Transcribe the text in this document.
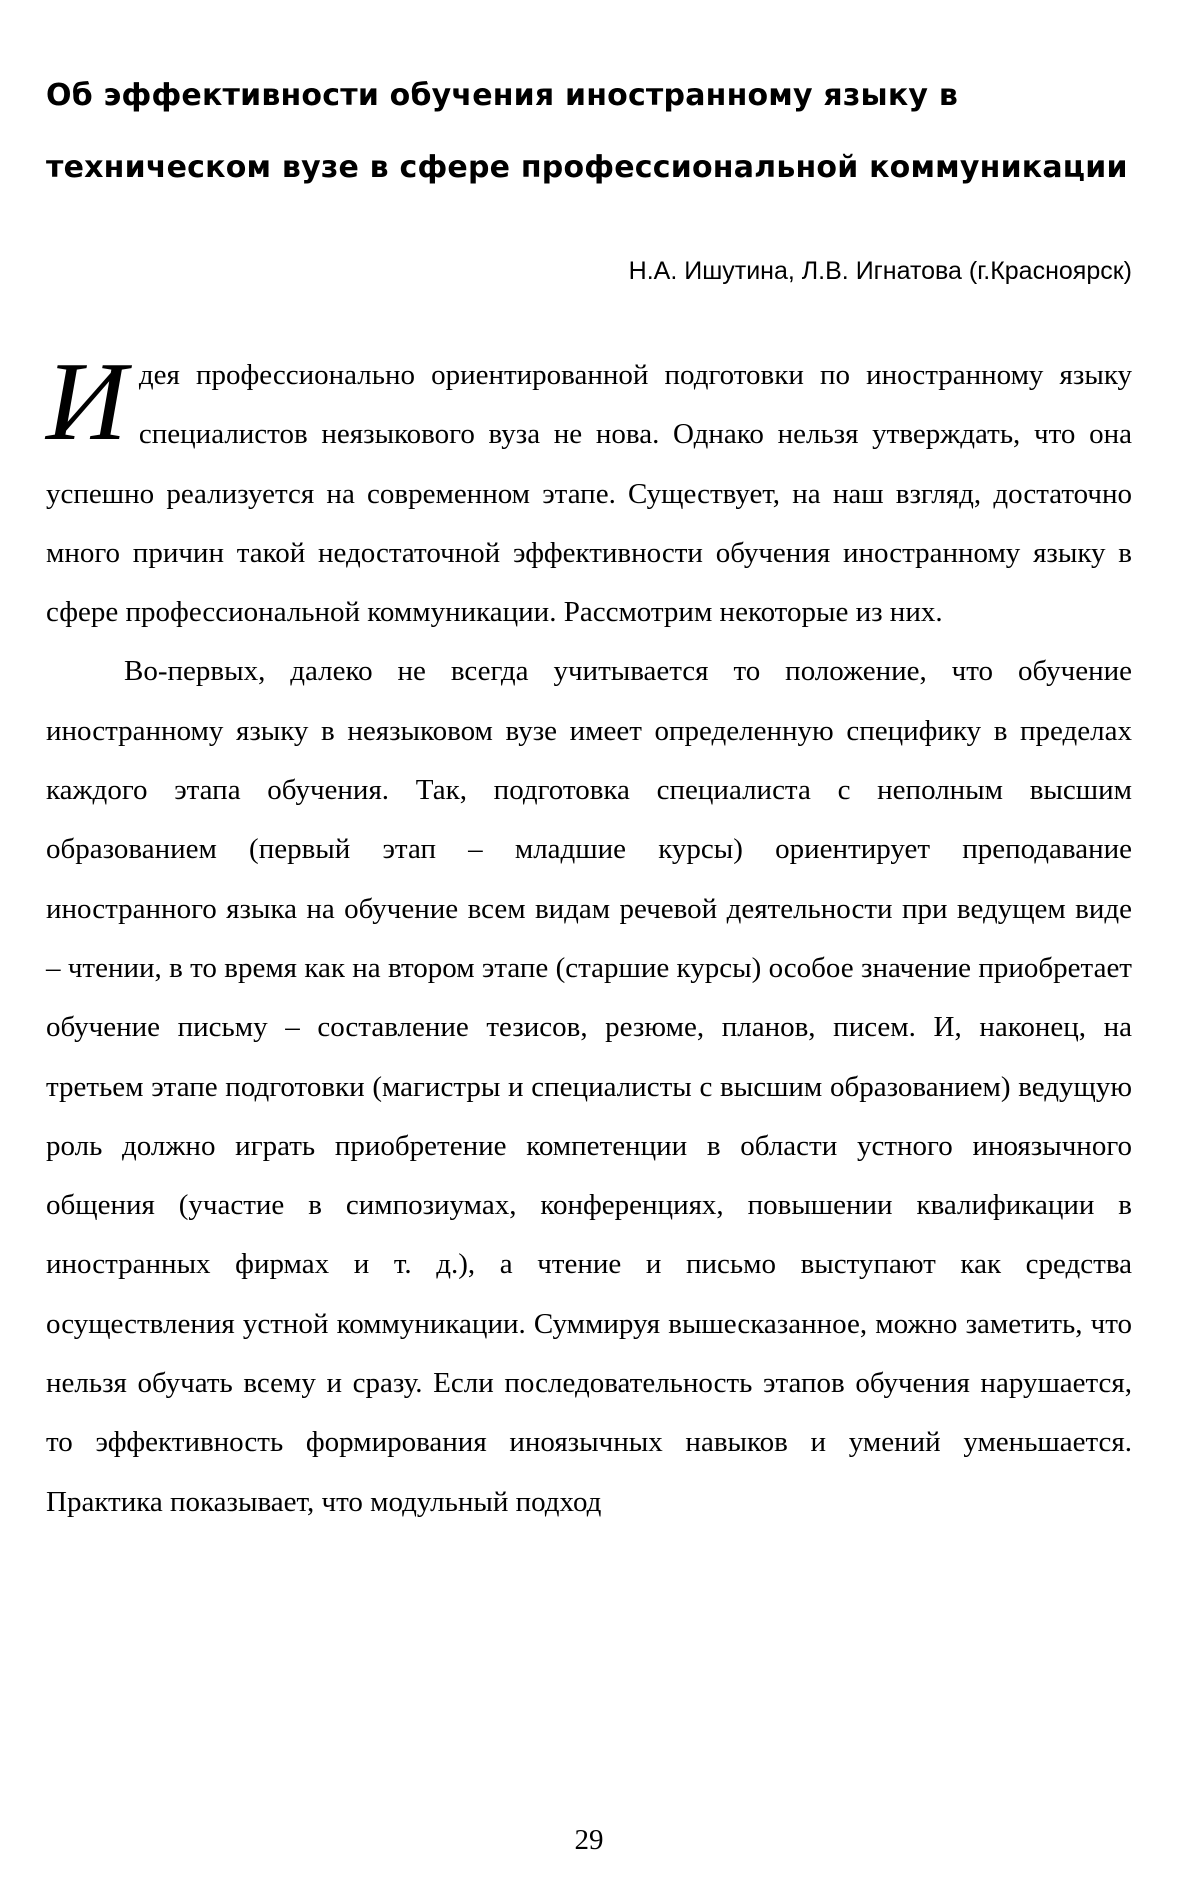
Об эффективности обучения иностранному языку в техническом вузе в сфере профессиональной коммуникации

Н.А. Ишутина, Л.В. Игнатова (г.Красноярск)

Идея профессионально ориентированной подготовки по иностранному языку специалистов неязыкового вуза не нова. Однако нельзя утверждать, что она успешно реализуется на современном этапе. Существует, на наш взгляд, достаточно много причин такой недостаточной эффективности обучения иностранному языку в сфере профессиональной коммуникации. Рассмотрим некоторые из них.

Во-первых, далеко не всегда учитывается то положение, что обучение иностранному языку в неязыковом вузе имеет определенную специфику в пределах каждого этапа обучения. Так, подготовка специалиста с неполным высшим образованием (первый этап – младшие курсы) ориентирует преподавание иностранного языка на обучение всем видам речевой деятельности при ведущем виде – чтении, в то время как на втором этапе (старшие курсы) особое значение приобретает обучение письму – составление тезисов, резюме, планов, писем. И, наконец, на третьем этапе подготовки (магистры и специалисты с высшим образованием) ведущую роль должно играть приобретение компетенции в области устного иноязычного общения (участие в симпозиумах, конференциях, повышении квалификации в иностранных фирмах и т. д.), а чтение и письмо выступают как средства осуществления устной коммуникации. Суммируя вышесказанное, можно заметить, что нельзя обучать всему и сразу. Если последовательность этапов обучения нарушается, то эффективность формирования иноязычных навыков и умений уменьшается. Практика показывает, что модульный подход

29
